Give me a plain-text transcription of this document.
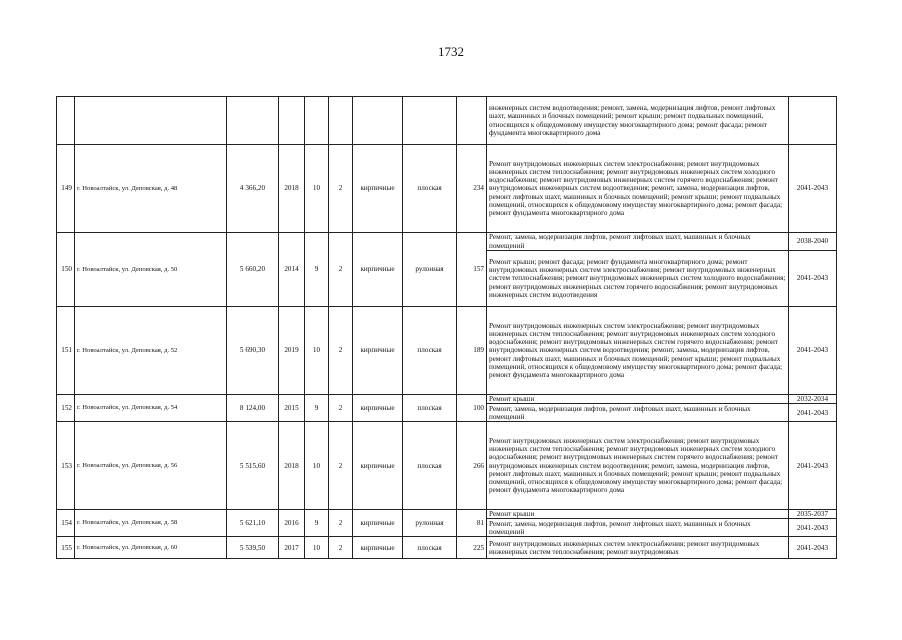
1732
									инженерных систем водоотведения; ремонт, замена, модернизация лифтов, ремонт лифтовых шахт, машинных и блочных помещений; ремонт крыши; ремонт подвальных помещений, относящихся к общедомовому имуществу многоквартирного дома; ремонт фасада; ремонт фундамента многоквартирного дома	
149	г. Новоалтайск, ул. Деповская, д. 48	4 366,20	2018	10	2	кирпичные	плоская	234	Ремонт внутридомовых инженерных систем электроснабжения; ремонт внутридомовых инженерных систем теплоснабжения; ремонт внутридомовых инженерных систем холодного водоснабжения; ремонт внутридомовых инженерных систем горячего водоснабжения; ремонт внутридомовых инженерных систем водоотведения; ремонт, замена, модернизация лифтов, ремонт лифтовых шахт, машинных и блочных помещений; ремонт крыши; ремонт подвальных помещений, относящихся к общедомовому имуществу многоквартирного дома; ремонт фасада; ремонт фундамента многоквартирного дома	2041-2043
150	г. Новоалтайск, ул. Деповская, д. 50	5 660,20	2014	9	2	кирпичные	рулонная	157	Ремонт, замена, модернизация лифтов, ремонт лифтовых шахт, машинных и блочных помещений	2038-2040
									Ремонт крыши; ремонт фасада; ремонт фундамента многоквартирного дома; ремонт внутридомовых инженерных систем электроснабжения; ремонт внутридомовых инженерных систем теплоснабжения; ремонт внутридомовых инженерных систем холодного водоснабжения; ремонт внутридомовых инженерных систем горячего водоснабжения; ремонт внутридомовых инженерных систем водоотведения	2041-2043
151	г. Новоалтайск, ул. Деповская, д. 52	5 690,30	2019	10	2	кирпичные	плоская	189	Ремонт внутридомовых инженерных систем электроснабжения; ремонт внутридомовых инженерных систем теплоснабжения; ремонт внутридомовых инженерных систем холодного водоснабжения; ремонт внутридомовых инженерных систем горячего водоснабжения; ремонт внутридомовых инженерных систем водоотведения; ремонт, замена, модернизация лифтов, ремонт лифтовых шахт, машинных и блочных помещений; ремонт крыши; ремонт подвальных помещений, относящихся к общедомовому имуществу многоквартирного дома; ремонт фасада; ремонт фундамента многоквартирного дома	2041-2043
152	г. Новоалтайск, ул. Деповская, д. 54	8 124,00	2015	9	2	кирпичные	плоская	100	Ремонт крыши	2032-2034
									Ремонт, замена, модернизация лифтов, ремонт лифтовых шахт, машинных и блочных помещений	2041-2043
153	г. Новоалтайск, ул. Деповская, д. 56	5 515,60	2018	10	2	кирпичные	плоская	266	Ремонт внутридомовых инженерных систем электроснабжения; ремонт внутридомовых инженерных систем теплоснабжения; ремонт внутридомовых инженерных систем холодного водоснабжения; ремонт внутридомовых инженерных систем горячего водоснабжения; ремонт внутридомовых инженерных систем водоотведения; ремонт, замена, модернизация лифтов, ремонт лифтовых шахт, машинных и блочных помещений; ремонт крыши; ремонт подвальных помещений, относящихся к общедомовому имуществу многоквартирного дома; ремонт фасада; ремонт фундамента многоквартирного дома	2041-2043
154	г. Новоалтайск, ул. Деповская, д. 58	5 621,10	2016	9	2	кирпичные	рулонная	81	Ремонт крыши	2035-2037
									Ремонт, замена, модернизация лифтов, ремонт лифтовых шахт, машинных и блочных помещений	2041-2043
155	г. Новоалтайск, ул. Деповская, д. 60	5 539,50	2017	10	2	кирпичные	плоская	225	Ремонт внутридомовых инженерных систем электроснабжения; ремонт внутридомовых инженерных систем теплоснабжения; ремонт внутридомовых	2041-2043
